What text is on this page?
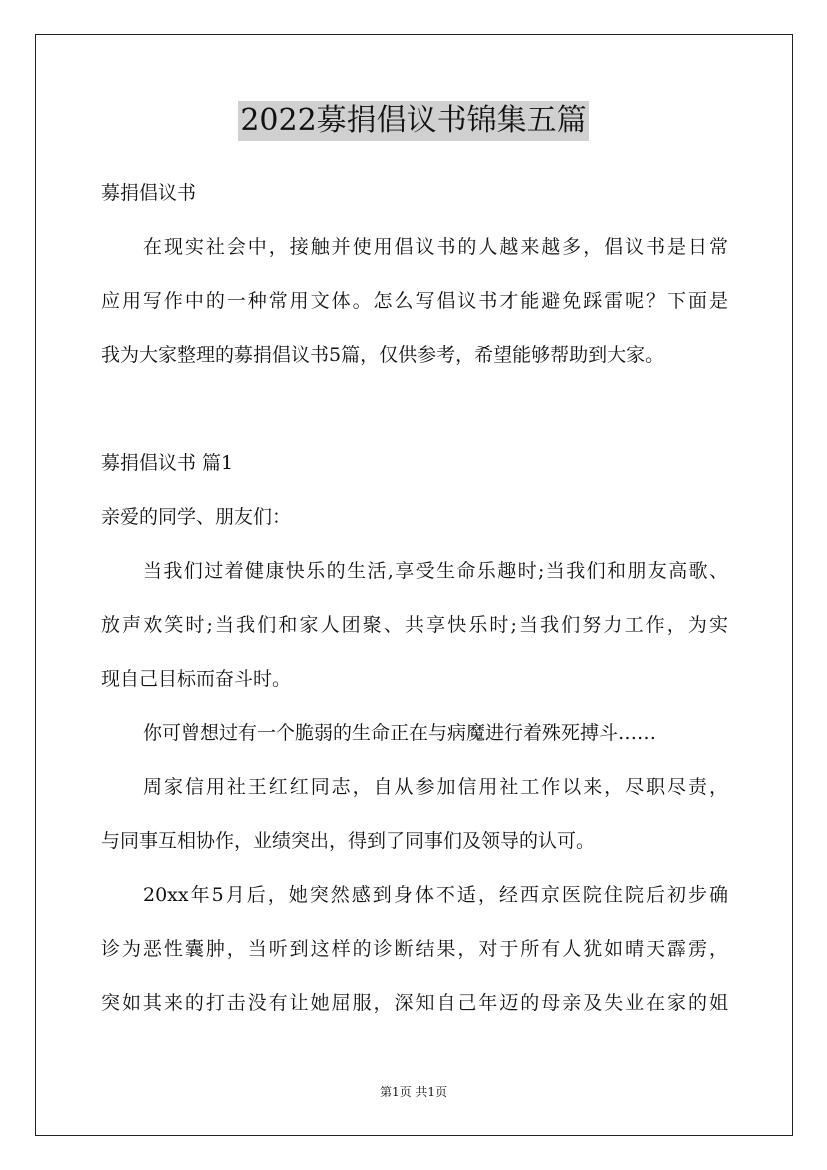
2022募捐倡议书锦集五篇
募捐倡议书
在现实社会中，接触并使用倡议书的人越来越多，倡议书是日常
应用写作中的一种常用文体。怎么写倡议书才能避免踩雷呢？下面是
我为大家整理的募捐倡议书5篇，仅供参考，希望能够帮助到大家。
募捐倡议书 篇1
亲爱的同学、朋友们：
当我们过着健康快乐的生活,享受生命乐趣时;当我们和朋友高歌、
放声欢笑时;当我们和家人团聚、共享快乐时;当我们努力工作，为实
现自己目标而奋斗时。
你可曾想过有一个脆弱的生命正在与病魔进行着殊死搏斗……
周家信用社王红红同志，自从参加信用社工作以来，尽职尽责，
与同事互相协作，业绩突出，得到了同事们及领导的认可。
20xx年5月后，她突然感到身体不适，经西京医院住院后初步确
诊为恶性囊肿，当听到这样的诊断结果，对于所有人犹如晴天霹雳，
突如其来的打击没有让她屈服，深知自己年迈的母亲及失业在家的姐
第1页 共1页
